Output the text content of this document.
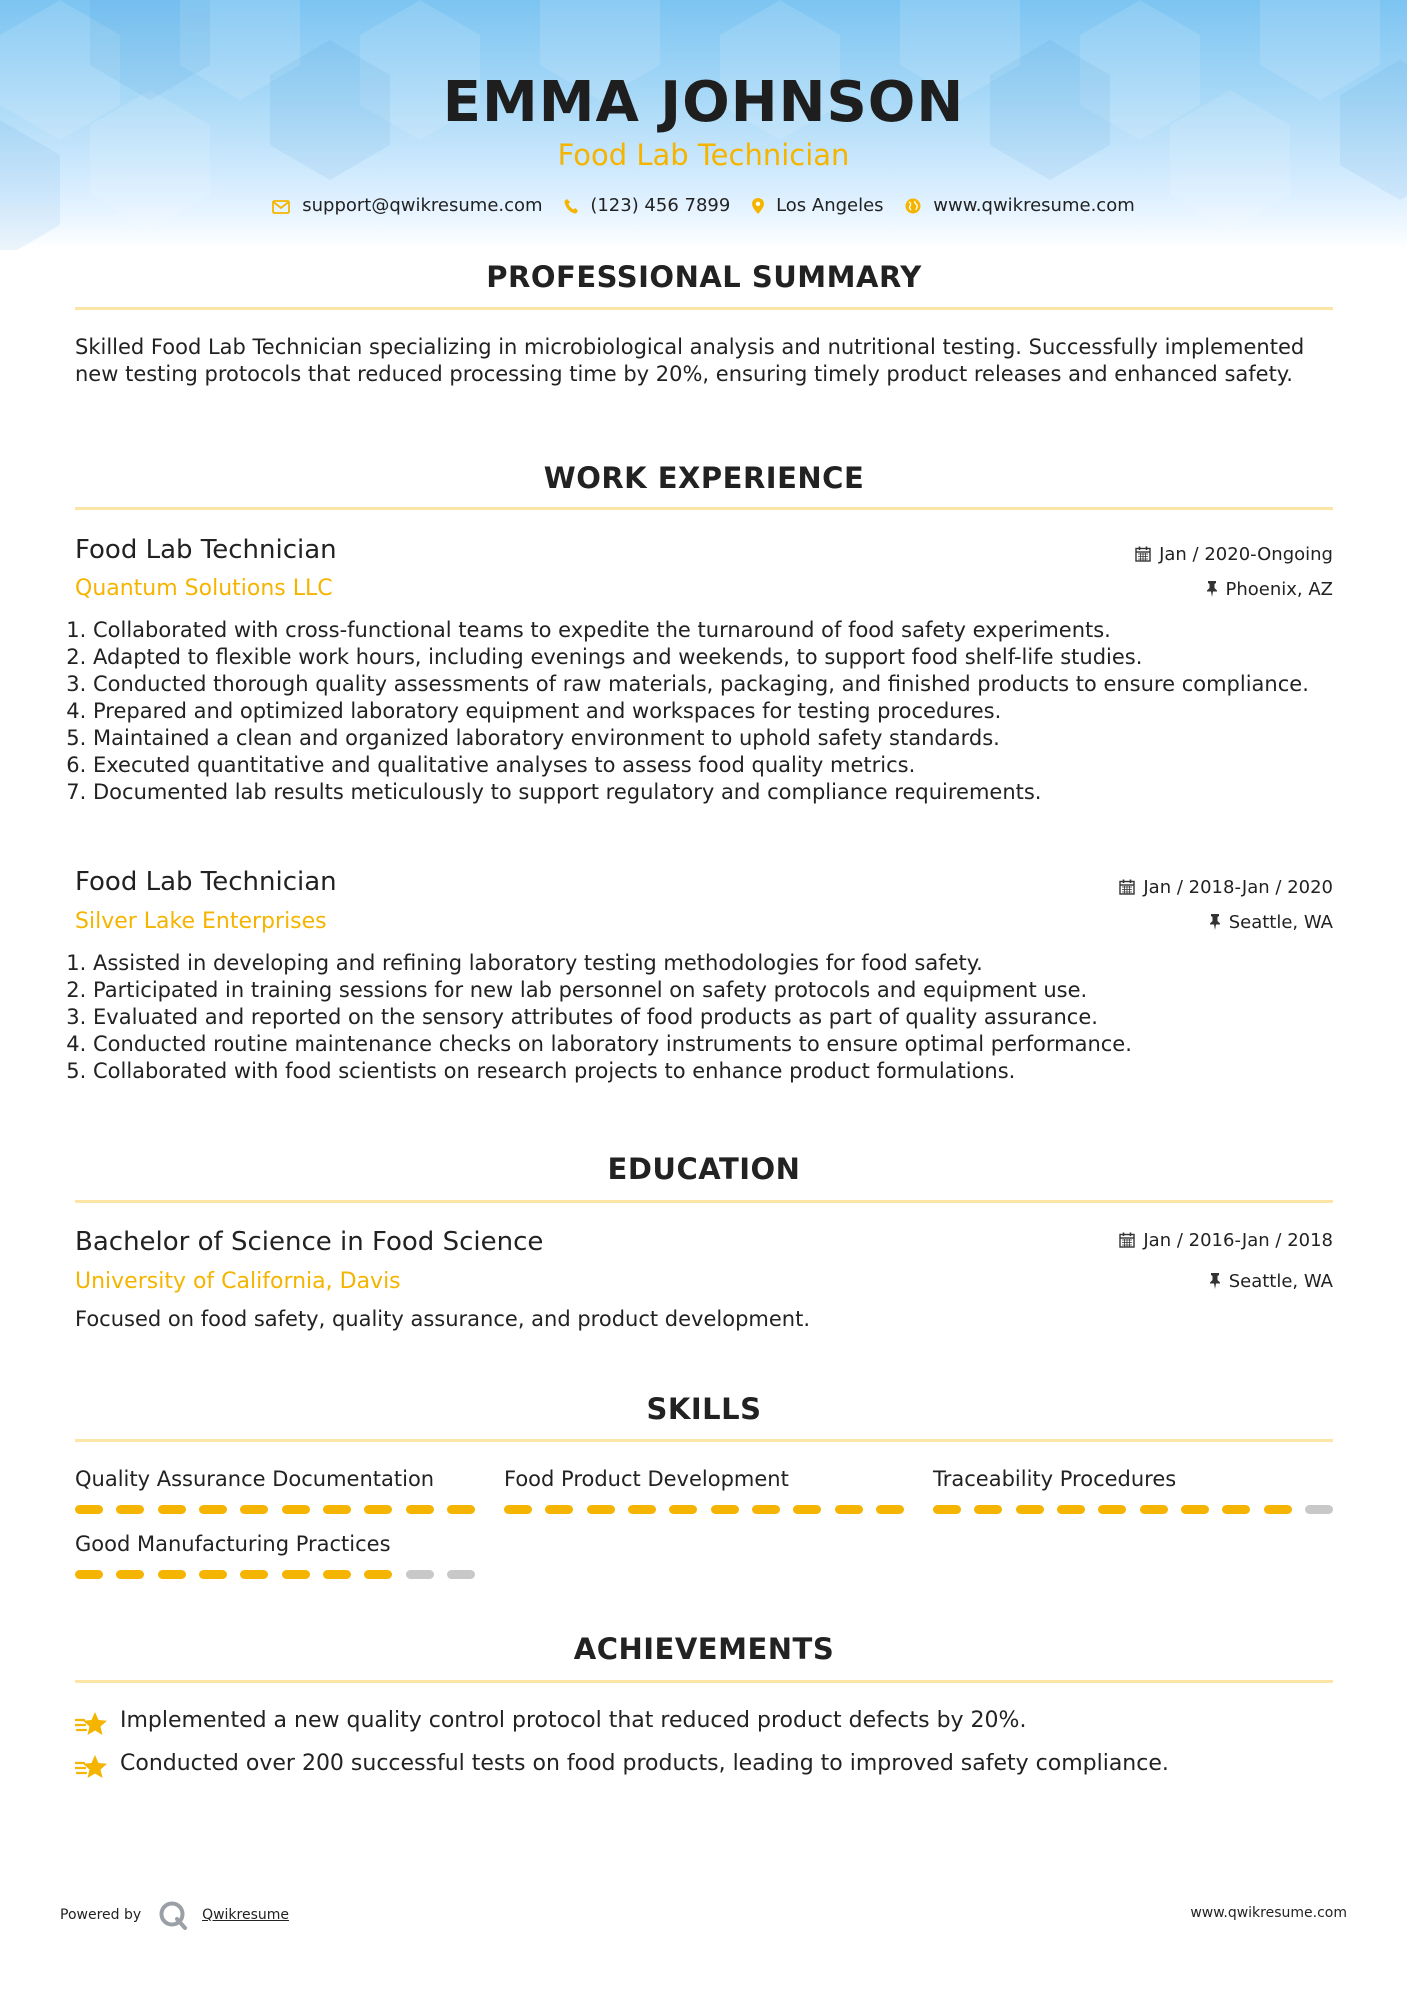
EMMA JOHNSON
Food Lab Technician
support@qwikresume.com	(123) 456 7899	Los Angeles	www.qwikresume.com
PROFESSIONAL SUMMARY
Skilled Food Lab Technician specializing in microbiological analysis and nutritional testing. Successfully implemented new testing protocols that reduced processing time by 20%, ensuring timely product releases and enhanced safety.
WORK EXPERIENCE
Food Lab Technician	Jan / 2020-Ongoing
Quantum Solutions LLC	Phoenix, AZ
1. Collaborated with cross-functional teams to expedite the turnaround of food safety experiments.
2. Adapted to flexible work hours, including evenings and weekends, to support food shelf-life studies.
3. Conducted thorough quality assessments of raw materials, packaging, and finished products to ensure compliance.
4. Prepared and optimized laboratory equipment and workspaces for testing procedures.
5. Maintained a clean and organized laboratory environment to uphold safety standards.
6. Executed quantitative and qualitative analyses to assess food quality metrics.
7. Documented lab results meticulously to support regulatory and compliance requirements.
Food Lab Technician	Jan / 2018-Jan / 2020
Silver Lake Enterprises	Seattle, WA
1. Assisted in developing and refining laboratory testing methodologies for food safety.
2. Participated in training sessions for new lab personnel on safety protocols and equipment use.
3. Evaluated and reported on the sensory attributes of food products as part of quality assurance.
4. Conducted routine maintenance checks on laboratory instruments to ensure optimal performance.
5. Collaborated with food scientists on research projects to enhance product formulations.
EDUCATION
Bachelor of Science in Food Science	Jan / 2016-Jan / 2018
University of California, Davis	Seattle, WA
Focused on food safety, quality assurance, and product development.
SKILLS
Quality Assurance Documentation	Food Product Development	Traceability Procedures
Good Manufacturing Practices
ACHIEVEMENTS
Implemented a new quality control protocol that reduced product defects by 20%.
Conducted over 200 successful tests on food products, leading to improved safety compliance.
Powered by	Qwikresume	www.qwikresume.com
